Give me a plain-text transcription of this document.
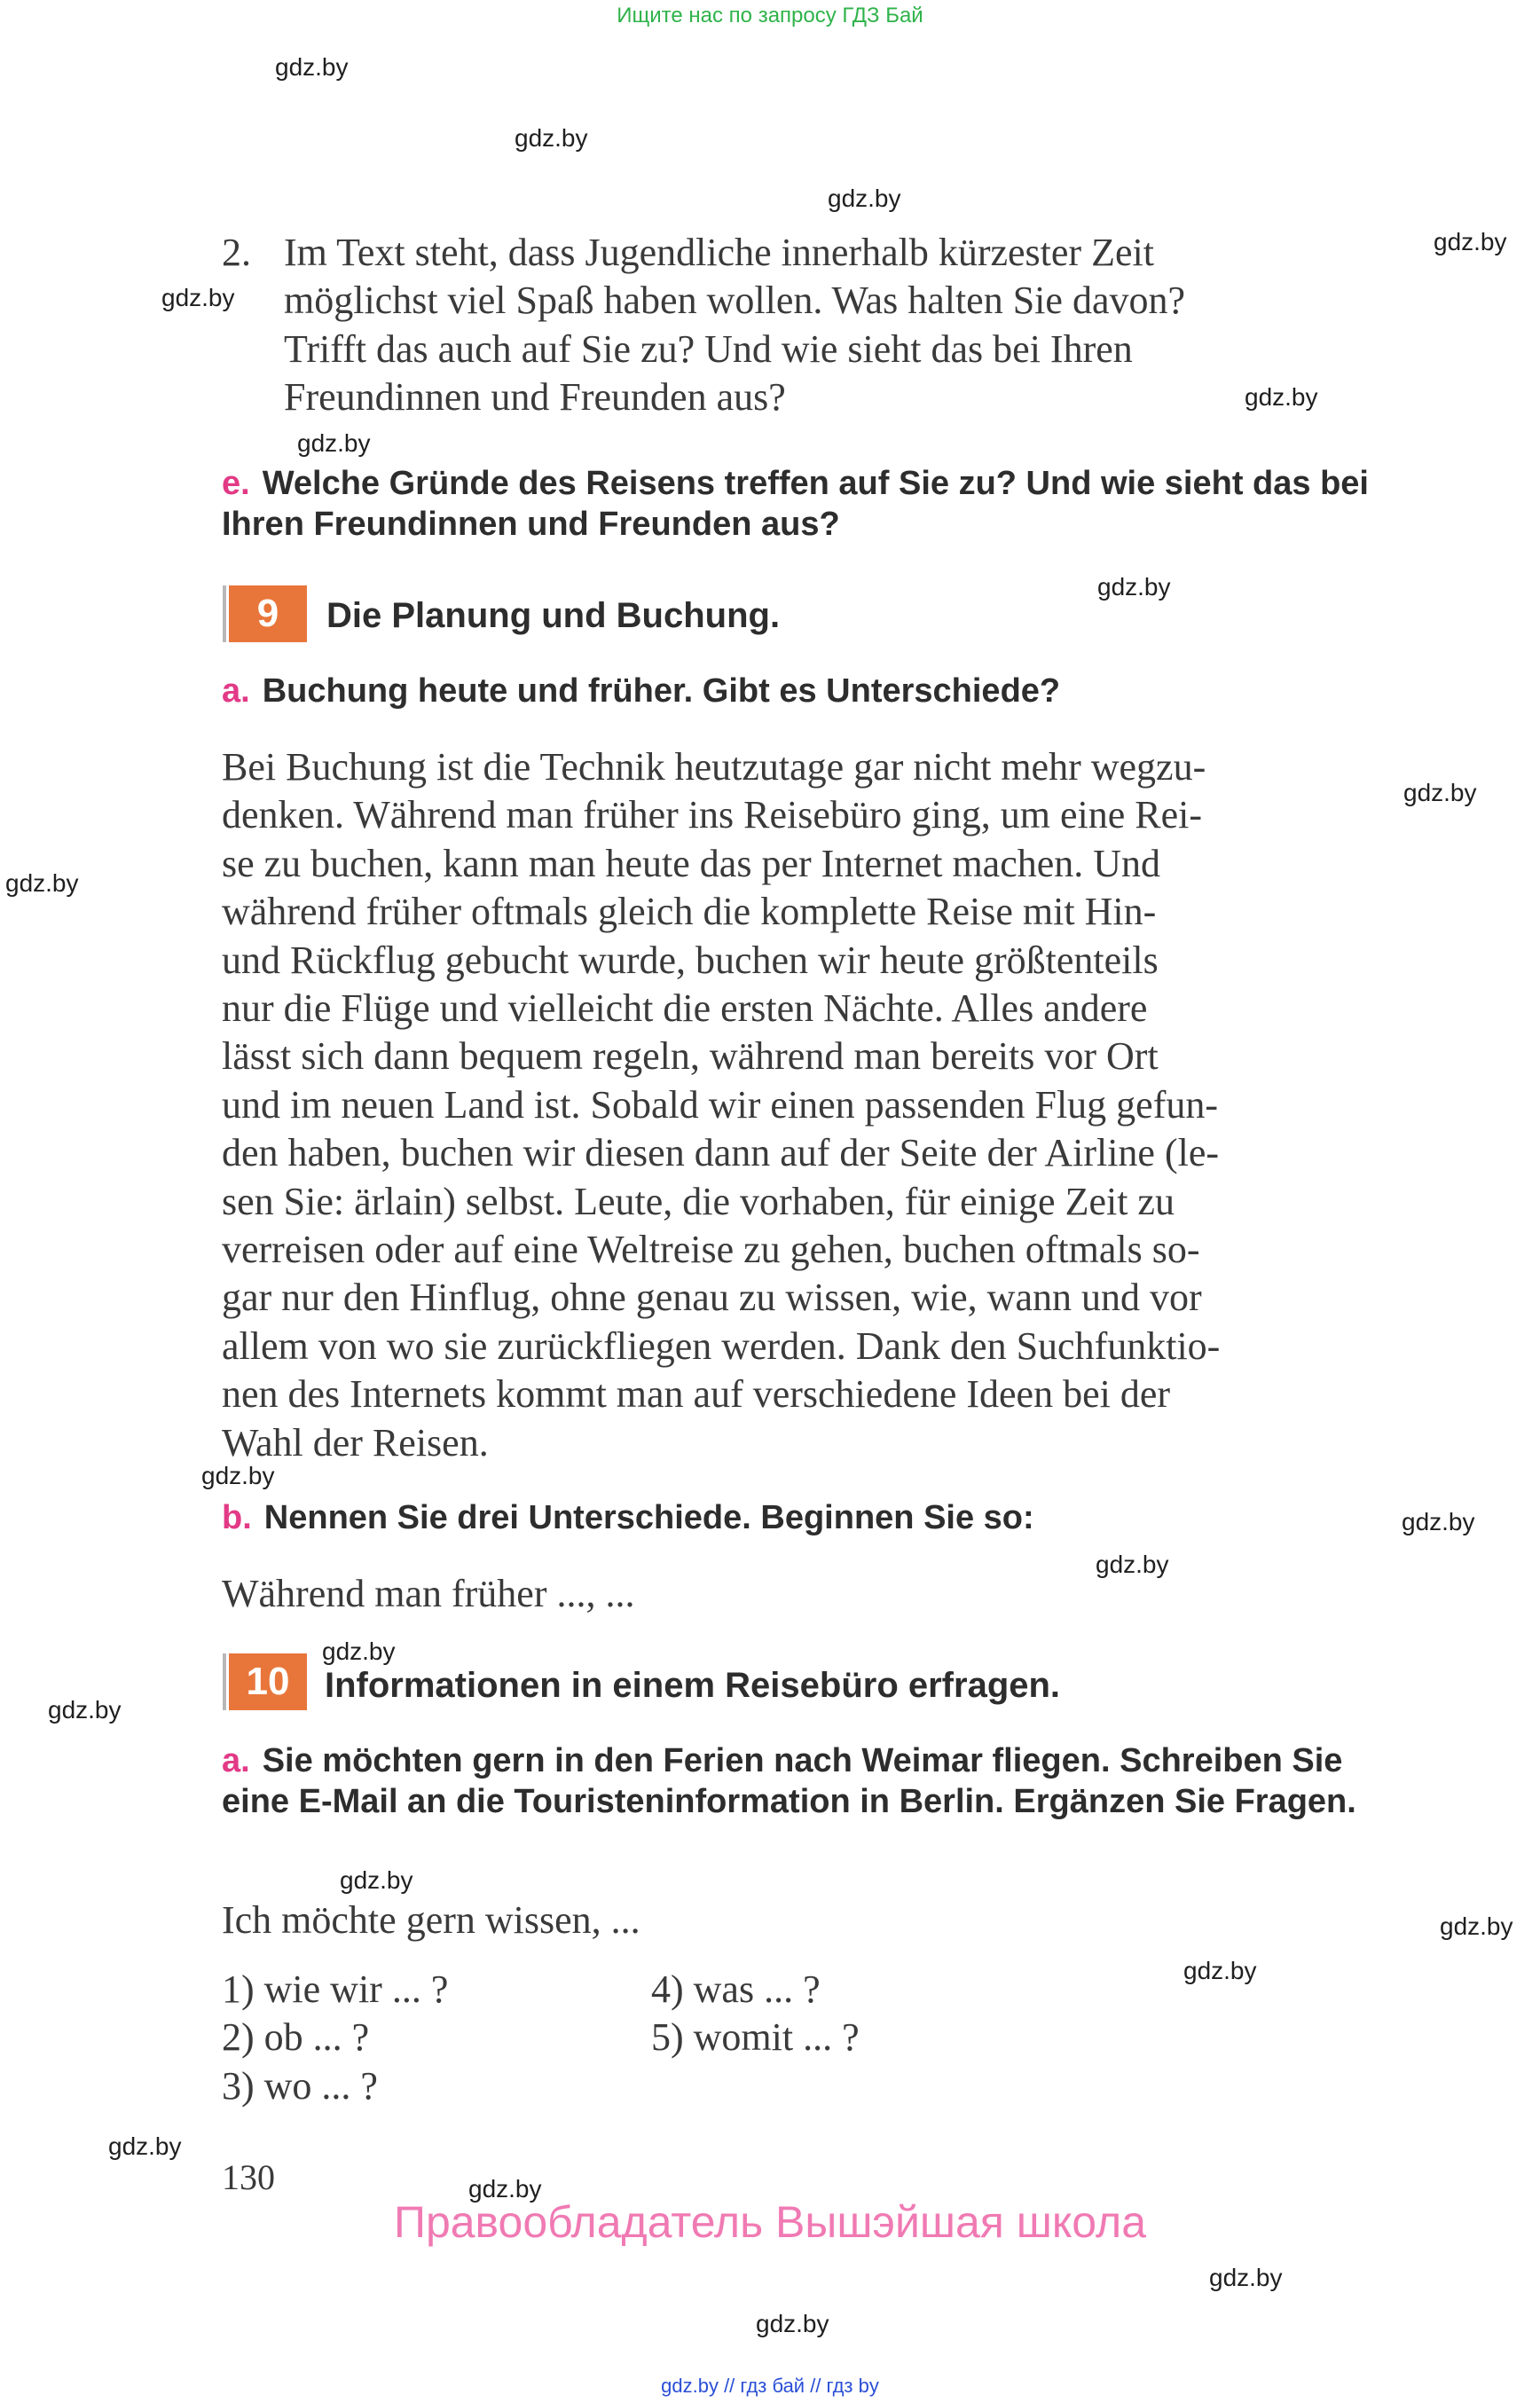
Ищите нас по запросу ГДЗ Бай
gdz.by
gdz.by
gdz.by
gdz.by
gdz.by
gdz.by
gdz.by
gdz.by
gdz.by
gdz.by
gdz.by
gdz.by
gdz.by
gdz.by
gdz.by
gdz.by
gdz.by
gdz.by
gdz.by
gdz.by
gdz.by
gdz.by
2. Im Text steht, dass Jugendliche innerhalb kürzester Zeit
möglichst viel Spaß haben wollen. Was halten Sie davon?
Trifft das auch auf Sie zu? Und wie sieht das bei Ihren
Freundinnen und Freunden aus?
e. Welche Gründe des Reisens treffen auf Sie zu? Und wie sieht das bei Ihren Freundinnen und Freunden aus?
9	Die Planung und Buchung.
a. Buchung heute und früher. Gibt es Unterschiede?
Bei Buchung ist die Technik heutzutage gar nicht mehr wegzu-
denken. Während man früher ins Reisebüro ging, um eine Rei-
se zu buchen, kann man heute das per Internet machen. Und
während früher oftmals gleich die komplette Reise mit Hin-
und Rückflug gebucht wurde, buchen wir heute größtenteils
nur die Flüge und vielleicht die ersten Nächte. Alles andere
lässt sich dann bequem regeln, während man bereits vor Ort
und im neuen Land ist. Sobald wir einen passenden Flug gefun-
den haben, buchen wir diesen dann auf der Seite der Airline (le-
sen Sie: ärlain) selbst. Leute, die vorhaben, für einige Zeit zu
verreisen oder auf eine Weltreise zu gehen, buchen oftmals so-
gar nur den Hinflug, ohne genau zu wissen, wie, wann und vor
allem von wo sie zurückfliegen werden. Dank den Suchfunktio-
nen des Internets kommt man auf verschiedene Ideen bei der
Wahl der Reisen.
b. Nennen Sie drei Unterschiede. Beginnen Sie so:
Während man früher ..., ...
10 Informationen in einem Reisebüro erfragen.
a. Sie möchten gern in den Ferien nach Weimar fliegen. Schreiben Sie eine E-Mail an die Touristeninformation in Berlin. Ergänzen Sie Fragen.
Ich möchte gern wissen, ...
1) wie wir ... ?
2) ob ... ?
3) wo ... ?
4) was ... ?
5) womit ... ?
130
Правообладатель Вышэйшая школа
gdz.by // гдз бай // гдз by
